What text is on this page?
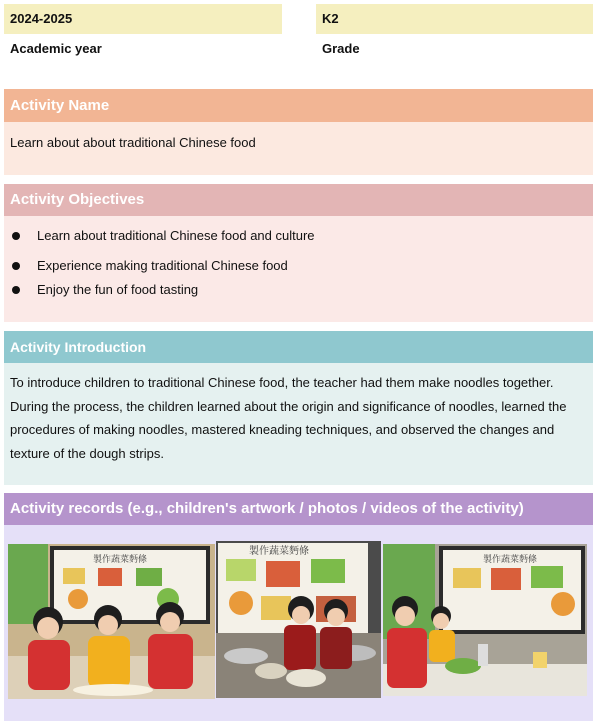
2024-2025
Academic year
K2
Grade
Activity Name
Learn about about traditional Chinese food
Activity Objectives
Learn about traditional Chinese food and culture
Experience making traditional Chinese food
Enjoy the fun of food tasting
Activity Introduction
To introduce children to traditional Chinese food, the teacher had them make noodles together. During the process, the children learned about the origin and significance of noodles, learned the procedures of making noodles, mastered kneading techniques, and observed the changes and texture of the dough strips.
Activity records (e.g., children's artwork / photos / videos of the activity)
製作蔬菜麪條
製作蔬菜麪條
製作蔬菜麪條
